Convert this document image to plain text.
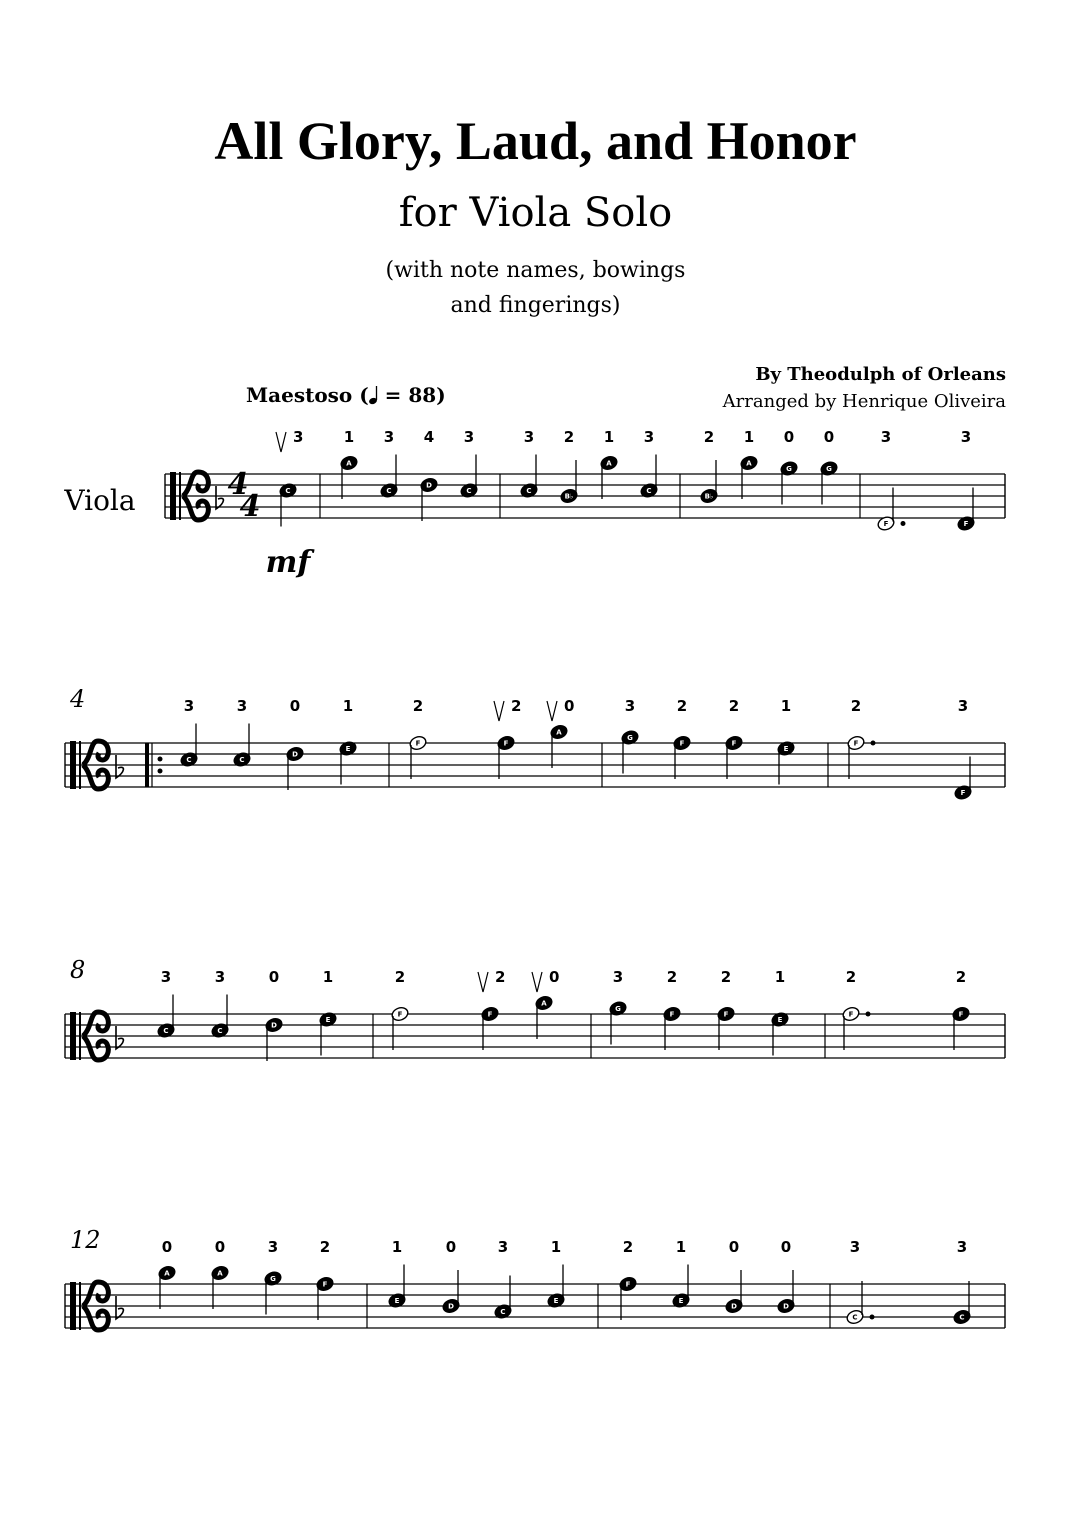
All Glory, Laud, and Honor
for Viola Solo
(with note names, bowings
and fingerings)
By Theodulph of Orleans
Arranged by Henrique Oliveira
Maestoso (
= 88)
Viola	4
4
mf
C
3
A
1
C
3
D
4
C
3
C
3
B♭
2
A
1
C
3
B♭
2
A
1
G
0
G
0
F
3
F
3
4
C
3
C
3
D
0
E
1
F
2
F
2
A
0
G
3
F
2
F
2
E
1
F
2
F
3
8
C
3
C
3
D
0
E
1
F
2
F
2
A
0
G
3
F
2
F
2
E
1
F
2
F
2
12
A
0
A
0
G
3
F
2
E
1
D
0
C
3
E
1
F
2
E
1
D
0
D
0
C
3
C
3
